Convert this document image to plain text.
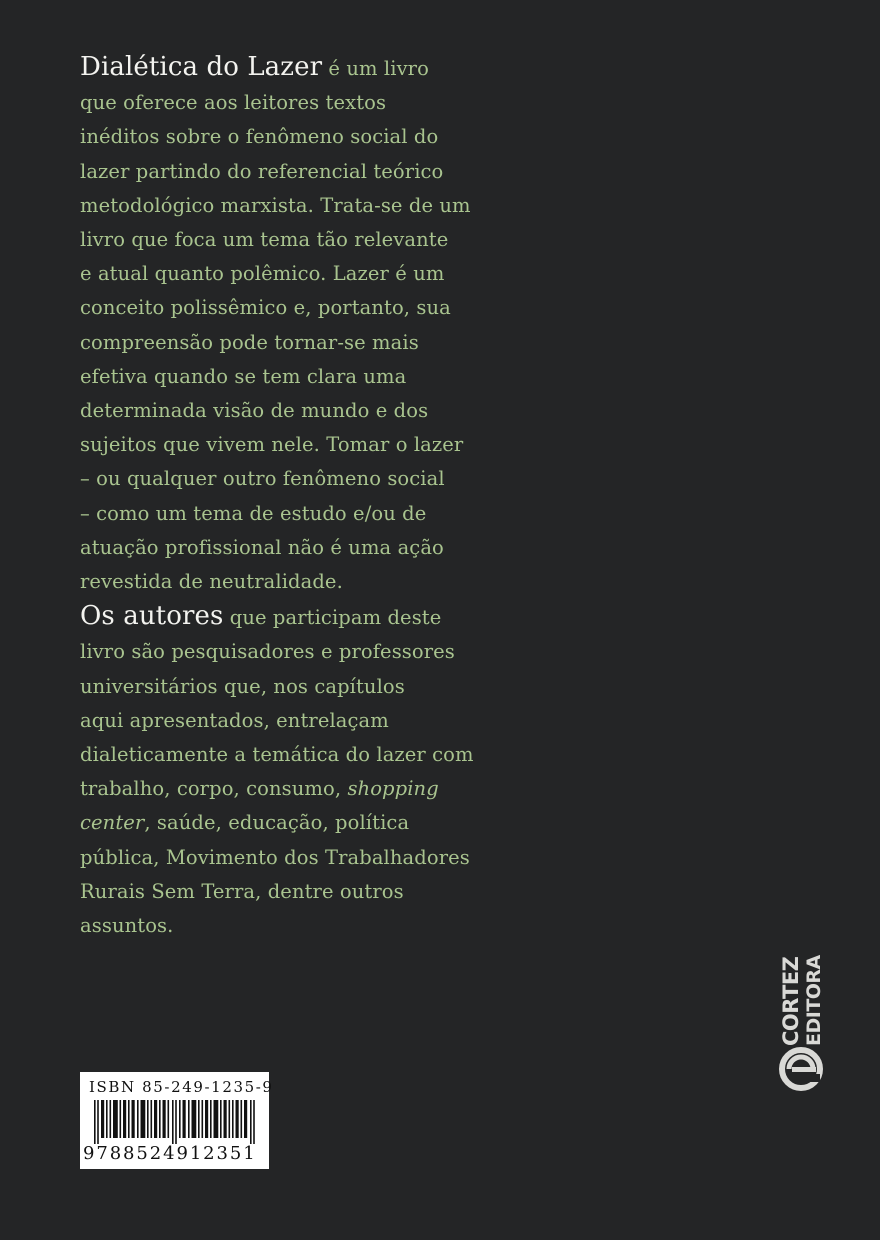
Dialética do Lazer é um livro
que oferece aos leitores textos
inéditos sobre o fenômeno social do
lazer partindo do referencial teórico
metodológico marxista. Trata-se de um
livro que foca um tema tão relevante
e atual quanto polêmico. Lazer é um
conceito polissêmico e, portanto, sua
compreensão pode tornar-se mais
efetiva quando se tem clara uma
determinada visão de mundo e dos
sujeitos que vivem nele. Tomar o lazer
– ou qualquer outro fenômeno social
– como um tema de estudo e/ou de
atuação profissional não é uma ação
revestida de neutralidade.
Os autores que participam deste
livro são pesquisadores e professores
universitários que, nos capítulos
aqui apresentados, entrelaçam
dialeticamente a temática do lazer com
trabalho, corpo, consumo, shopping
center, saúde, educação, política
pública, Movimento dos Trabalhadores
Rurais Sem Terra, dentre outros
assuntos.
ISBN 85-249-1235-9
9788524912351
CORTEZ EDITORA
